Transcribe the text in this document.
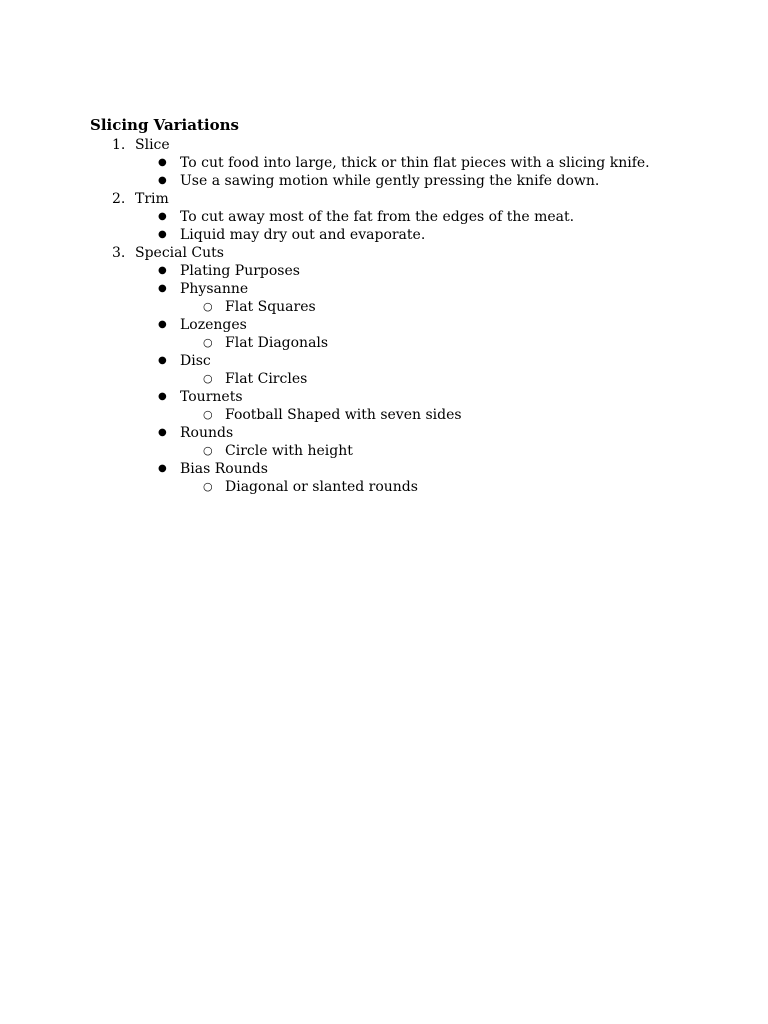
Slicing Variations
1. Slice
● To cut food into large, thick or thin flat pieces with a slicing knife.
● Use a sawing motion while gently pressing the knife down.
2. Trim
● To cut away most of the fat from the edges of the meat.
● Liquid may dry out and evaporate.
3. Special Cuts
● Plating Purposes
● Physanne
○ Flat Squares
● Lozenges
○ Flat Diagonals
● Disc
○ Flat Circles
● Tournets
○ Football Shaped with seven sides
● Rounds
○ Circle with height
● Bias Rounds
○ Diagonal or slanted rounds
